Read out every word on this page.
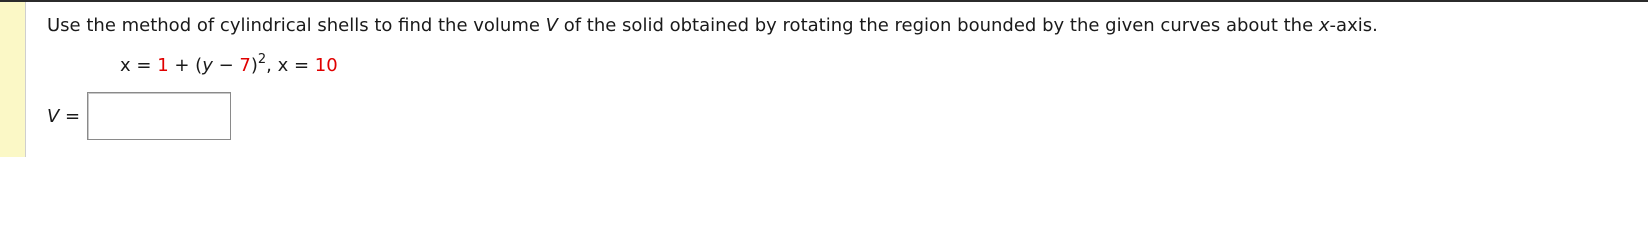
Use the method of cylindrical shells to find the volume V of the solid obtained by rotating the region bounded by the given curves about the x-axis.
$x = 1 + (y - 7)^2$, x = 10
V =
